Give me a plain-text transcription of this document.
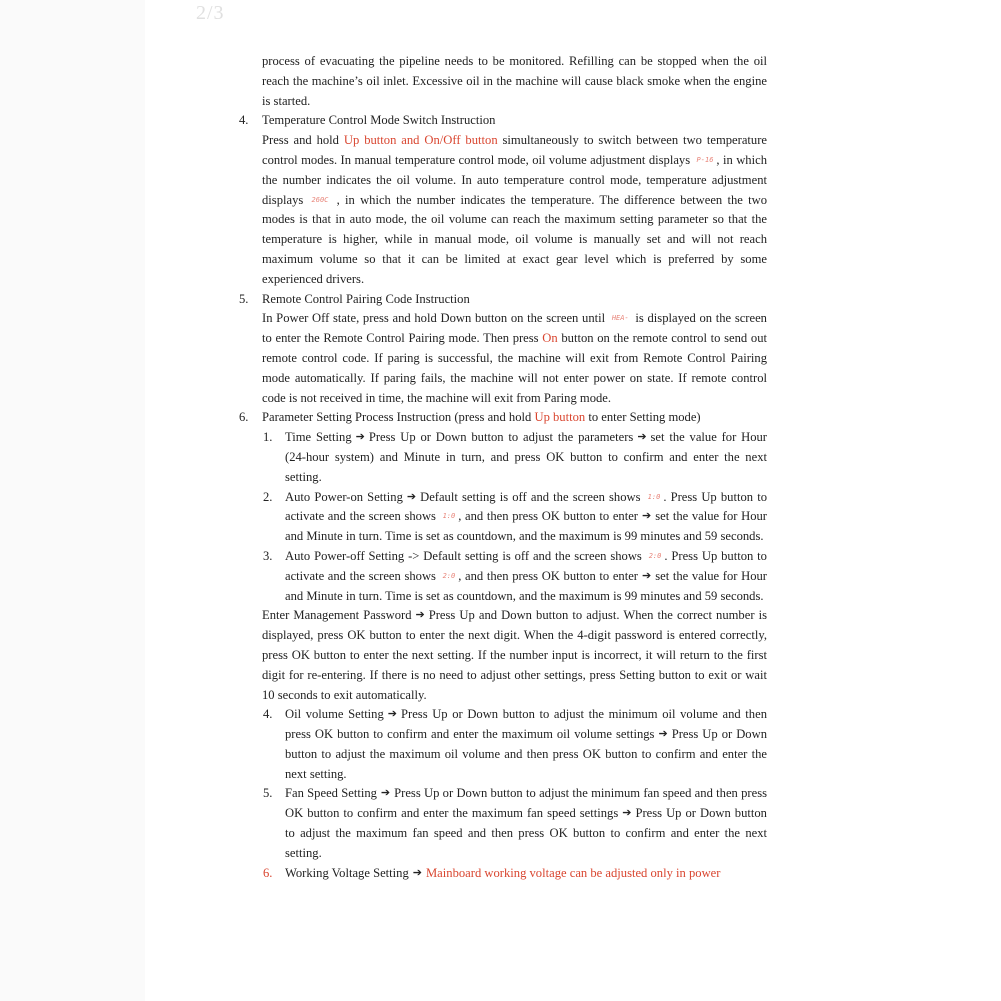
2/3
process of evacuating the pipeline needs to be monitored. Refilling can be stopped when the oil reach the machine’s oil inlet. Excessive oil in the machine will cause black smoke when the engine is started.
4. Temperature Control Mode Switch Instruction
Press and hold Up button and On/Off button simultaneously to switch between two temperature control modes. In manual temperature control mode, oil volume adjustment displays P-16 , in which the number indicates the oil volume. In auto temperature control mode, temperature adjustment displays 260C , in which the number indicates the temperature. The difference between the two modes is that in auto mode, the oil volume can reach the maximum setting parameter so that the temperature is higher, while in manual mode, oil volume is manually set and will not reach maximum volume so that it can be limited at exact gear level which is preferred by some experienced drivers.
5. Remote Control Pairing Code Instruction
In Power Off state, press and hold Down button on the screen until HEA- is displayed on the screen to enter the Remote Control Pairing mode. Then press On button on the remote control to send out remote control code. If paring is successful, the machine will exit from Remote Control Pairing mode automatically. If paring fails, the machine will not enter power on state. If remote control code is not received in time, the machine will exit from Paring mode.
6. Parameter Setting Process Instruction (press and hold Up button to enter Setting mode)
1. Time Setting ➔ Press Up or Down button to adjust the parameters ➔ set the value for Hour (24-hour system) and Minute in turn, and press OK button to confirm and enter the next setting.
2. Auto Power-on Setting ➔ Default setting is off and the screen shows 1:0 . Press Up button to activate and the screen shows 1:0 , and then press OK button to enter ➔ set the value for Hour and Minute in turn. Time is set as countdown, and the maximum is 99 minutes and 59 seconds.
3. Auto Power-off Setting -> Default setting is off and the screen shows 2:0 . Press Up button to activate and the screen shows 2:0 , and then press OK button to enter ➔ set the value for Hour and Minute in turn. Time is set as countdown, and the maximum is 99 minutes and 59 seconds.
Enter Management Password ➔ Press Up and Down button to adjust. When the correct number is displayed, press OK button to enter the next digit. When the 4-digit password is entered correctly, press OK button to enter the next setting. If the number input is incorrect, it will return to the first digit for re-entering. If there is no need to adjust other settings, press Setting button to exit or wait 10 seconds to exit automatically.
4. Oil volume Setting ➔ Press Up or Down button to adjust the minimum oil volume and then press OK button to confirm and enter the maximum oil volume settings ➔ Press Up or Down button to adjust the maximum oil volume and then press OK button to confirm and enter the next setting.
5. Fan Speed Setting ➔ Press Up or Down button to adjust the minimum fan speed and then press OK button to confirm and enter the maximum fan speed settings ➔ Press Up or Down button to adjust the maximum fan speed and then press OK button to confirm and enter the next setting.
6. Working Voltage Setting ➔ Mainboard working voltage can be adjusted only in power
